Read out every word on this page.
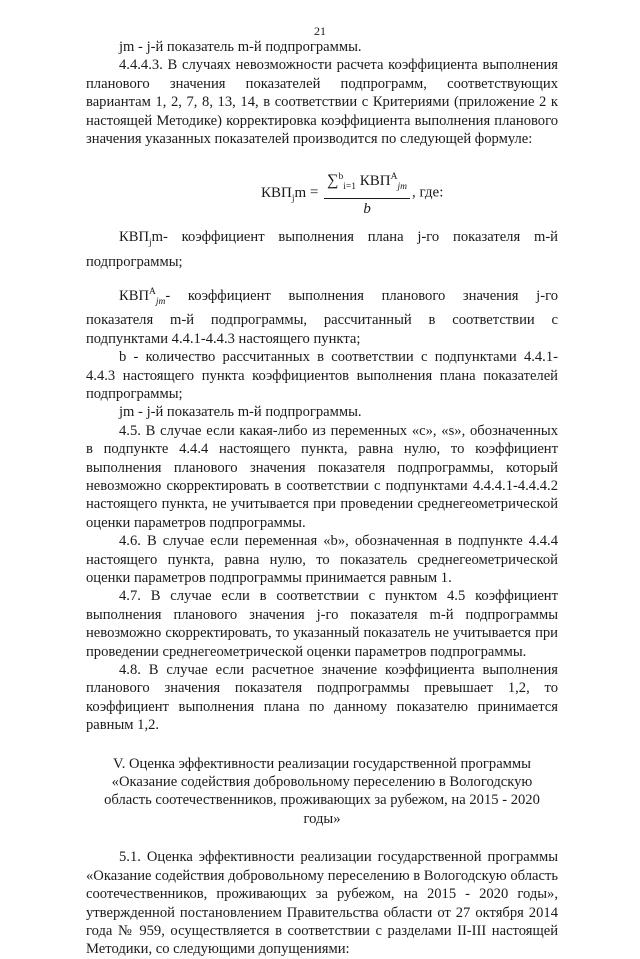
21

jm - j-й показатель m-й подпрограммы.

4.4.4.3. В случаях невозможности расчета коэффициента выполнения планового значения показателей подпрограмм, соответствующих вариантам 1, 2, 7, 8, 13, 14, в соответствии с Критериями (приложение 2 к настоящей Методике) корректировка коэффициента выполнения планового значения указанных показателей производится по следующей формуле:

$КВП_jm = \frac{\sum^b_{i=1} КВП^A_{jm}}{b}$ , где:

$КВП_jm-$ коэффициент выполнения плана j-го показателя m-й подпрограммы;

$КВП^A_{jm}-$ коэффициент выполнения планового значения j-го показателя m-й подпрограммы, рассчитанный в соответствии с подпунктами 4.4.1-4.4.3 настоящего пункта;

b - количество рассчитанных в соответствии с подпунктами 4.4.1-4.4.3 настоящего пункта коэффициентов выполнения плана показателей подпрограммы;

jm - j-й показатель m-й подпрограммы.

4.5. В случае если какая-либо из переменных «с», «s», обозначенных в подпункте 4.4.4 настоящего пункта, равна нулю, то коэффициент выполнения планового значения показателя подпрограммы, который невозможно скорректировать в соответствии с подпунктами 4.4.4.1-4.4.4.2 настоящего пункта, не учитывается при проведении среднегеометрической оценки параметров подпрограммы.

4.6. В случае если переменная «b», обозначенная в подпункте 4.4.4 настоящего пункта, равна нулю, то показатель среднегеометрической оценки параметров подпрограммы принимается равным 1.

4.7. В случае если в соответствии с пунктом 4.5 коэффициент выполнения планового значения j-го показателя m-й подпрограммы невозможно скорректировать, то указанный показатель не учитывается при проведении среднегеометрической оценки параметров подпрограммы.

4.8. В случае если расчетное значение коэффициента выполнения планового значения показателя подпрограммы превышает 1,2, то коэффициент выполнения плана по данному показателю принимается равным 1,2.

V. Оценка эффективности реализации государственной программы «Оказание содействия добровольному переселению в Вологодскую область соотечественников, проживающих за рубежом, на 2015 - 2020 годы»

5.1. Оценка эффективности реализации государственной программы «Оказание содействия добровольному переселению в Вологодскую область соотечественников, проживающих за рубежом, на 2015 - 2020 годы», утвержденной постановлением Правительства области от 27 октября 2014 года № 959, осуществляется в соответствии с разделами II-III настоящей Методики, со следующими допущениями:
